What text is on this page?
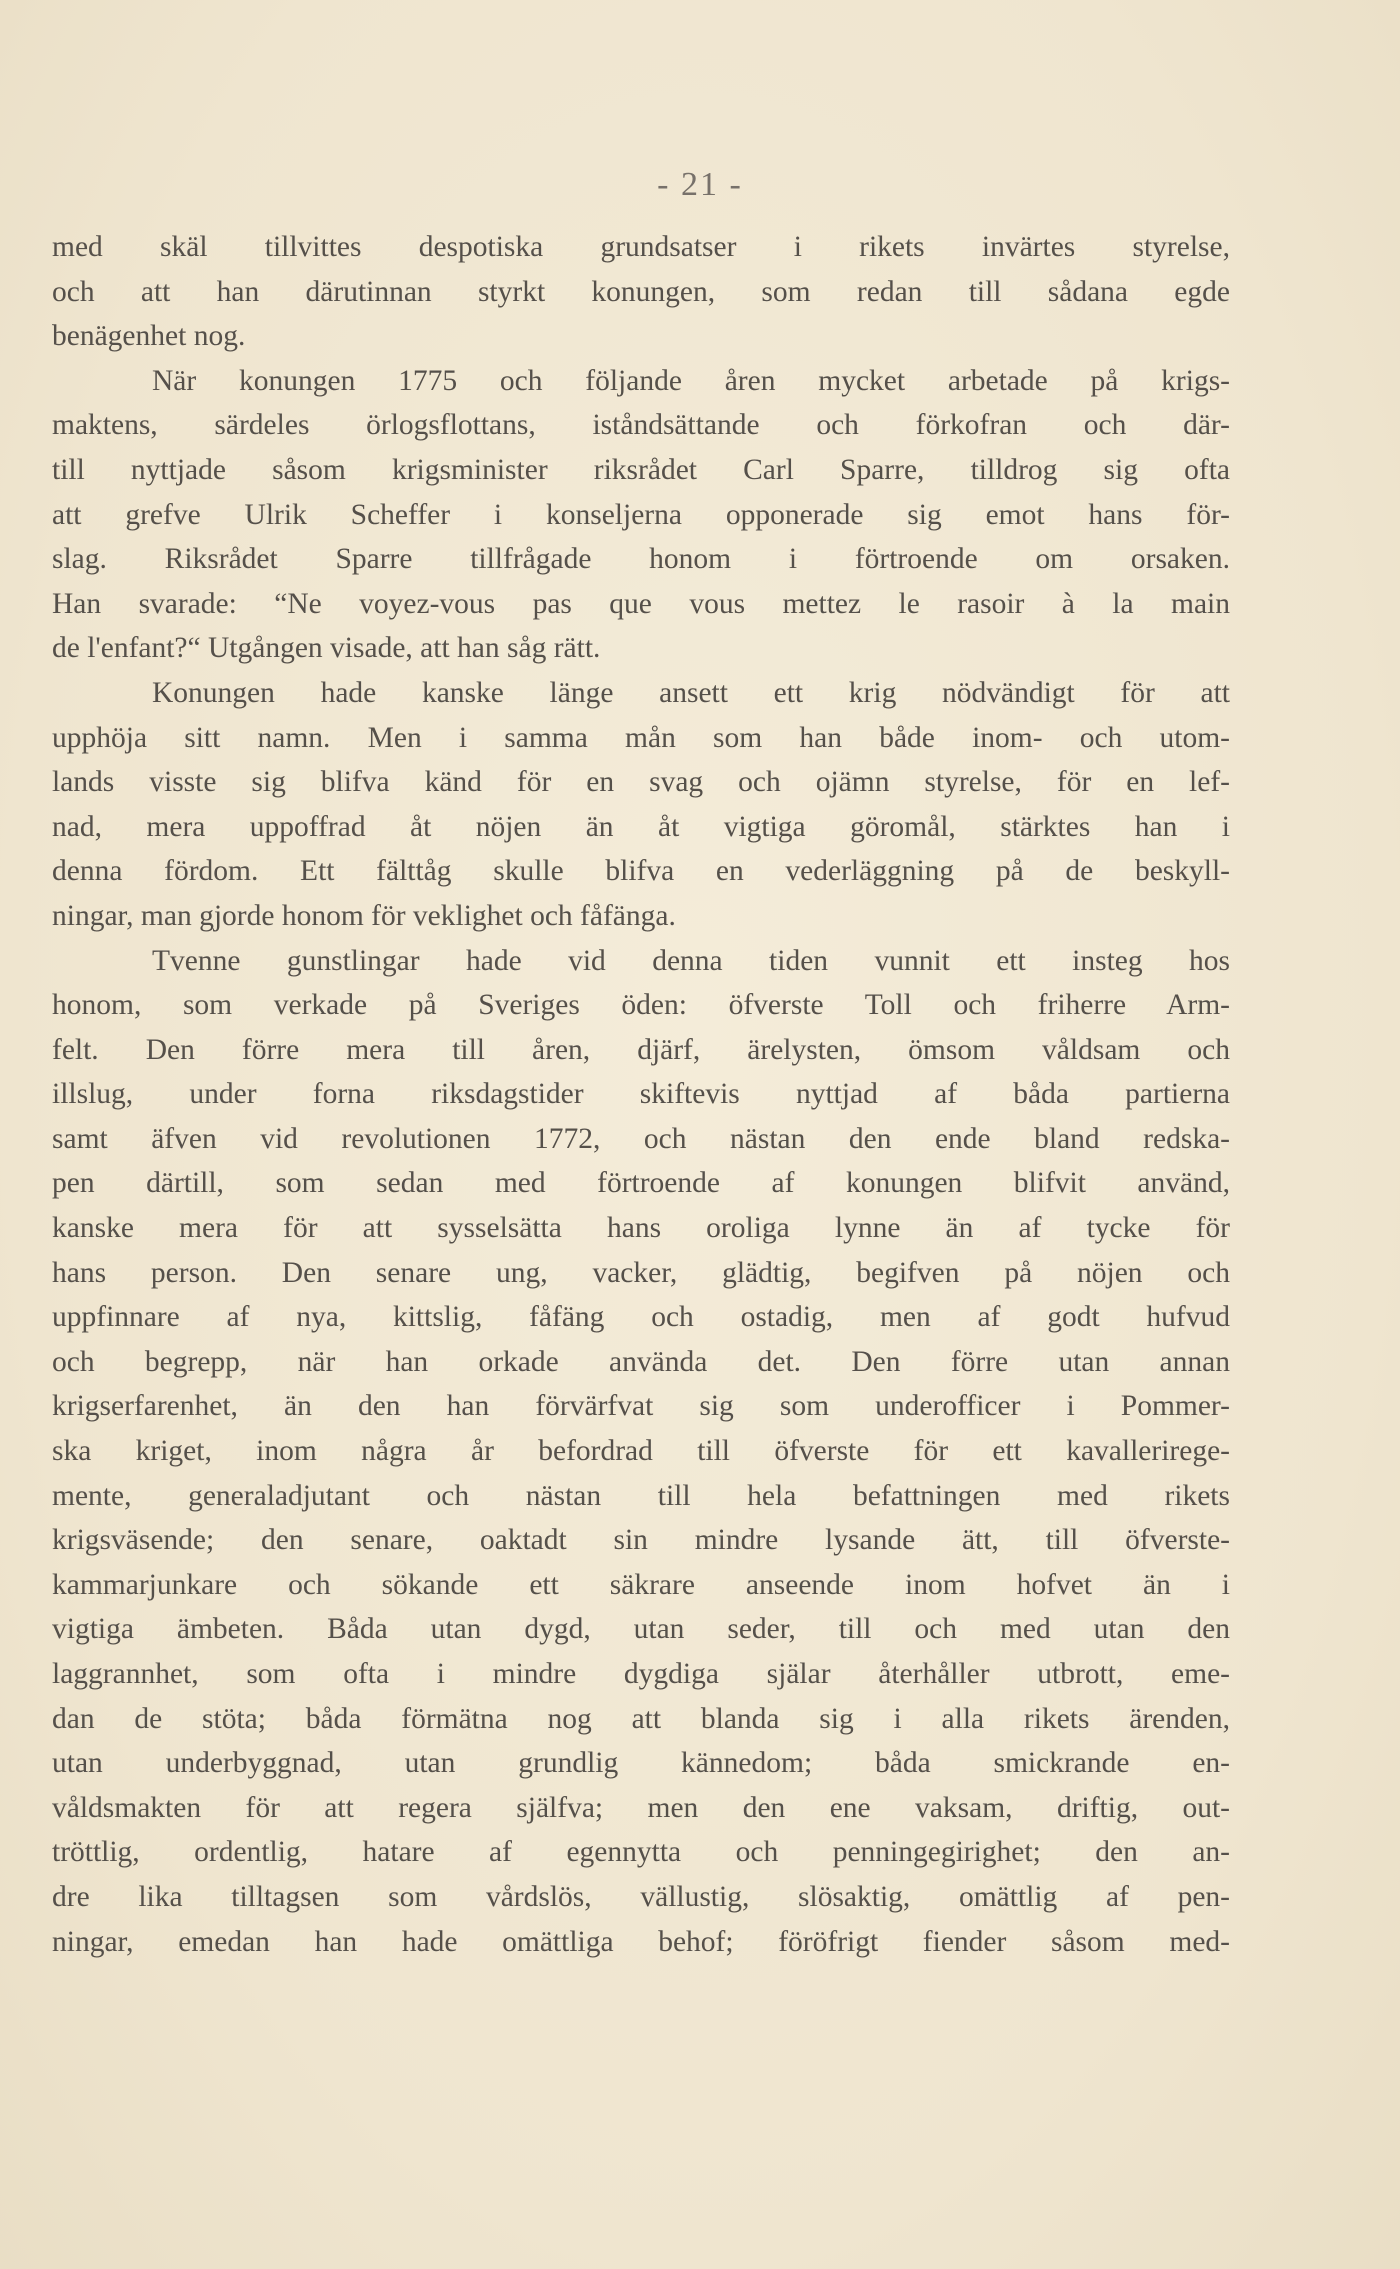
- 21 -
med skäl tillvittes despotiska grundsatser i rikets invärtes styrelse,
och att han därutinnan styrkt konungen, som redan till sådana egde
benägenhet nog.
När konungen 1775 och följande åren mycket arbetade på krigs-
maktens, särdeles örlogsflottans, iståndsättande och förkofran och där-
till nyttjade såsom krigsminister riksrådet Carl Sparre, tilldrog sig ofta
att grefve Ulrik Scheffer i konseljerna opponerade sig emot hans för-
slag. Riksrådet Sparre tillfrågade honom i förtroende om orsaken.
Han svarade: “Ne voyez-vous pas que vous mettez le rasoir à la main
de l'enfant?“ Utgången visade, att han såg rätt.
Konungen hade kanske länge ansett ett krig nödvändigt för att
upphöja sitt namn. Men i samma mån som han både inom- och utom-
lands visste sig blifva känd för en svag och ojämn styrelse, för en lef-
nad, mera uppoffrad åt nöjen än åt vigtiga göromål, stärktes han i
denna fördom. Ett fälttåg skulle blifva en vederläggning på de beskyll-
ningar, man gjorde honom för veklighet och fåfänga.
Tvenne gunstlingar hade vid denna tiden vunnit ett insteg hos
honom, som verkade på Sveriges öden: öfverste Toll och friherre Arm-
felt. Den förre mera till åren, djärf, ärelysten, ömsom våldsam och
illslug, under forna riksdagstider skiftevis nyttjad af båda partierna
samt äfven vid revolutionen 1772, och nästan den ende bland redska-
pen därtill, som sedan med förtroende af konungen blifvit använd,
kanske mera för att sysselsätta hans oroliga lynne än af tycke för
hans person. Den senare ung, vacker, glädtig, begifven på nöjen och
uppfinnare af nya, kittslig, fåfäng och ostadig, men af godt hufvud
och begrepp, när han orkade använda det. Den förre utan annan
krigserfarenhet, än den han förvärfvat sig som underofficer i Pommer-
ska kriget, inom några år befordrad till öfverste för ett kavallerirege-
mente, generaladjutant och nästan till hela befattningen med rikets
krigsväsende; den senare, oaktadt sin mindre lysande ätt, till öfverste-
kammarjunkare och sökande ett säkrare anseende inom hofvet än i
vigtiga ämbeten. Båda utan dygd, utan seder, till och med utan den
laggrannhet, som ofta i mindre dygdiga själar återhåller utbrott, eme-
dan de stöta; båda förmätna nog att blanda sig i alla rikets ärenden,
utan underbyggnad, utan grundlig kännedom; båda smickrande en-
våldsmakten för att regera själfva; men den ene vaksam, driftig, out-
tröttlig, ordentlig, hatare af egennytta och penningegirighet; den an-
dre lika tilltagsen som vårdslös, vällustig, slösaktig, omättlig af pen-
ningar, emedan han hade omättliga behof; föröfrigt fiender såsom med-
